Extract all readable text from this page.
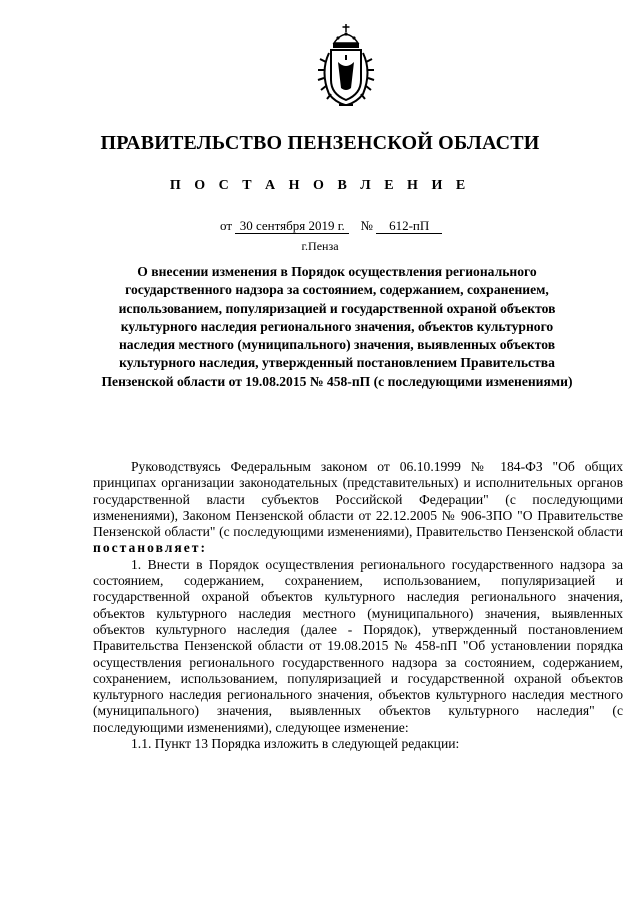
ПРАВИТЕЛЬСТВО ПЕНЗЕНСКОЙ ОБЛАСТИ
П О С Т А Н О В Л Е Н И Е
от 30 сентября 2019 г. № 612-пП
г.Пенза
О внесении изменения в Порядок осуществления регионального государственного надзора за состоянием, содержанием, сохранением, использованием, популяризацией и государственной охраной объектов культурного наследия регионального значения, объектов культурного наследия местного (муниципального) значения, выявленных объектов культурного наследия, утвержденный постановлением Правительства Пензенской области от 19.08.2015 № 458-пП (с последующими изменениями)

Руководствуясь Федеральным законом от 06.10.1999 № 184-ФЗ "Об общих принципах организации законодательных (представительных) и исполнительных органов государственной власти субъектов Российской Федерации" (с последующими изменениями), Законом Пензенской области от 22.12.2005 № 906-ЗПО "О Правительстве Пензенской области" (с последующими изменениями), Правительство Пензенской области постановляет:

1. Внести в Порядок осуществления регионального государственного надзора за состоянием, содержанием, сохранением, использованием, популяризацией и государственной охраной объектов культурного наследия регионального значения, объектов культурного наследия местного (муниципального) значения, выявленных объектов культурного наследия (далее - Порядок), утвержденный постановлением Правительства Пензенской области от 19.08.2015 № 458-пП "Об установлении порядка осуществления регионального государственного надзора за состоянием, содержанием, сохранением, использованием, популяризацией и государственной охраной объектов культурного наследия регионального значения, объектов культурного наследия местного (муниципального) значения, выявленных объектов культурного наследия" (с последующими изменениями), следующее изменение:

1.1. Пункт 13 Порядка изложить в следующей редакции:
